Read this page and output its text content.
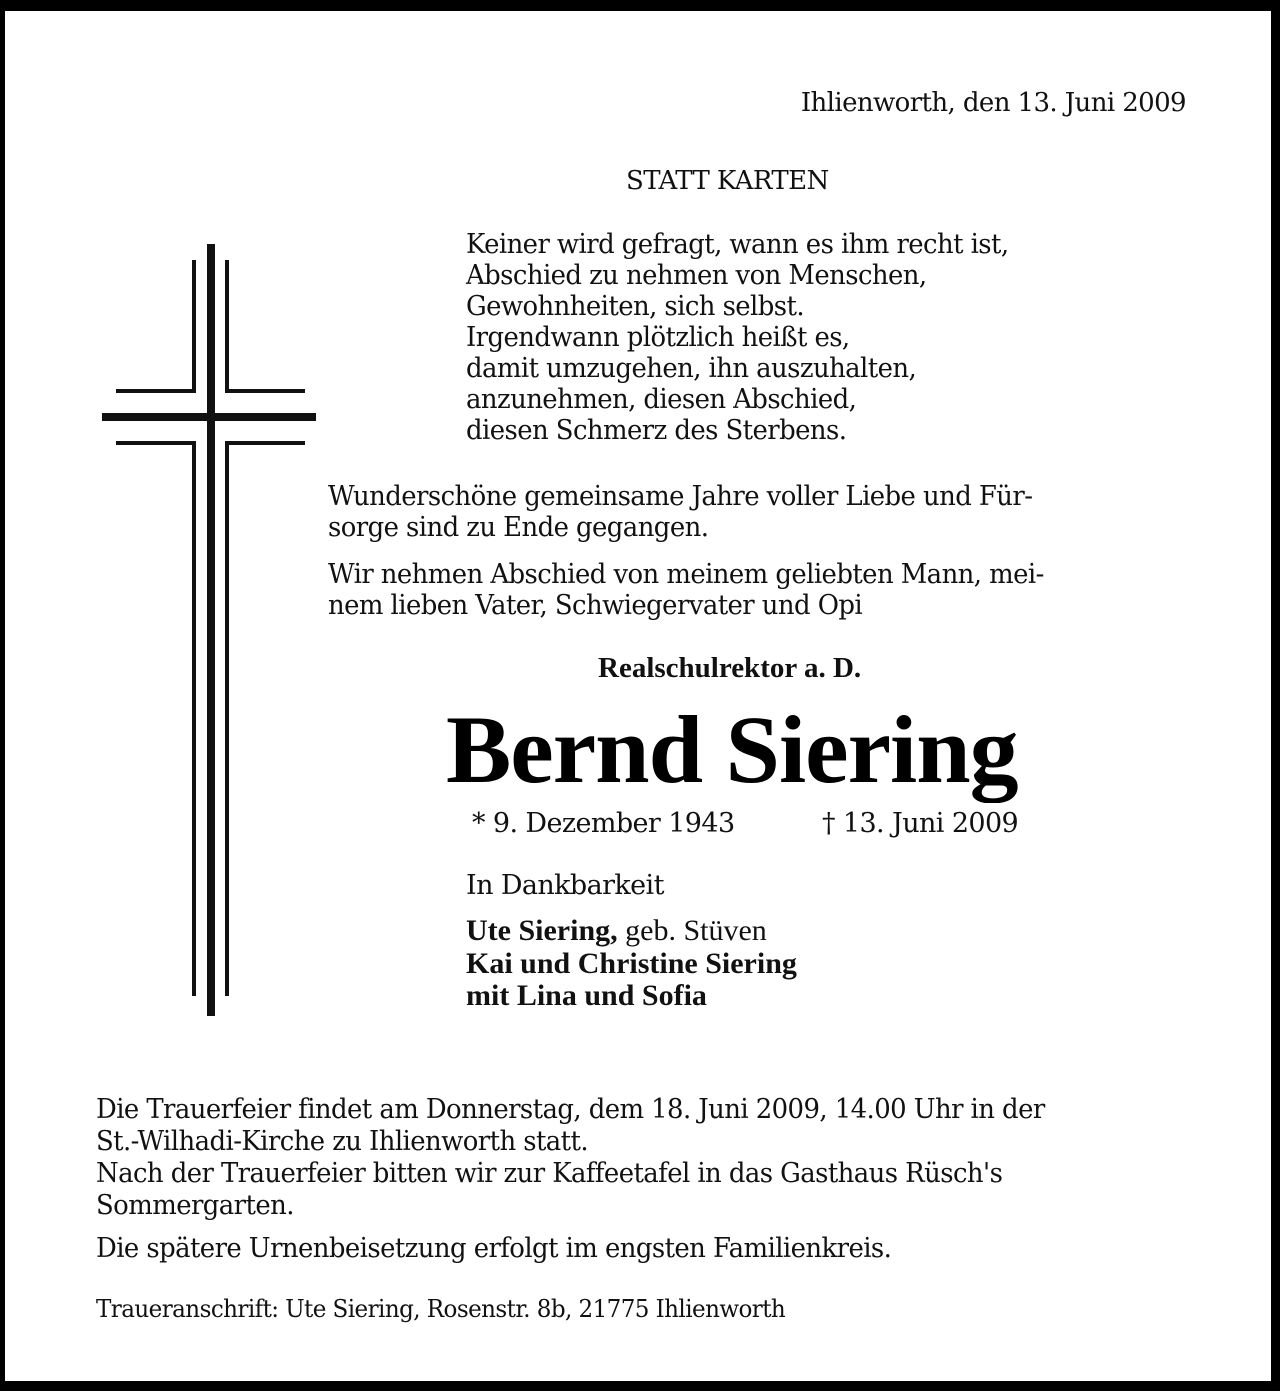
Ihlienworth, den 13. Juni 2009
STATT KARTEN
Keiner wird gefragt, wann es ihm recht ist,
Abschied zu nehmen von Menschen,
Gewohnheiten, sich selbst.
Irgendwann plötzlich heißt es,
damit umzugehen, ihn auszuhalten,
anzunehmen, diesen Abschied,
diesen Schmerz des Sterbens.
Wunderschöne gemeinsame Jahre voller Liebe und Für-
sorge sind zu Ende gegangen.
Wir nehmen Abschied von meinem geliebten Mann, mei-
nem lieben Vater, Schwiegervater und Opi
Realschulrektor a. D.
Bernd Siering
* 9. Dezember 1943	† 13. Juni 2009
In Dankbarkeit
Ute Siering, geb. Stüven
Kai und Christine Siering
mit Lina und Sofia
Die Trauerfeier findet am Donnerstag, dem 18. Juni 2009, 14.00 Uhr in der
St.-Wilhadi-Kirche zu Ihlienworth statt.
Nach der Trauerfeier bitten wir zur Kaffeetafel in das Gasthaus Rüsch's
Sommergarten.
Die spätere Urnenbeisetzung erfolgt im engsten Familienkreis.
Traueranschrift: Ute Siering, Rosenstr. 8b, 21775 Ihlienworth
